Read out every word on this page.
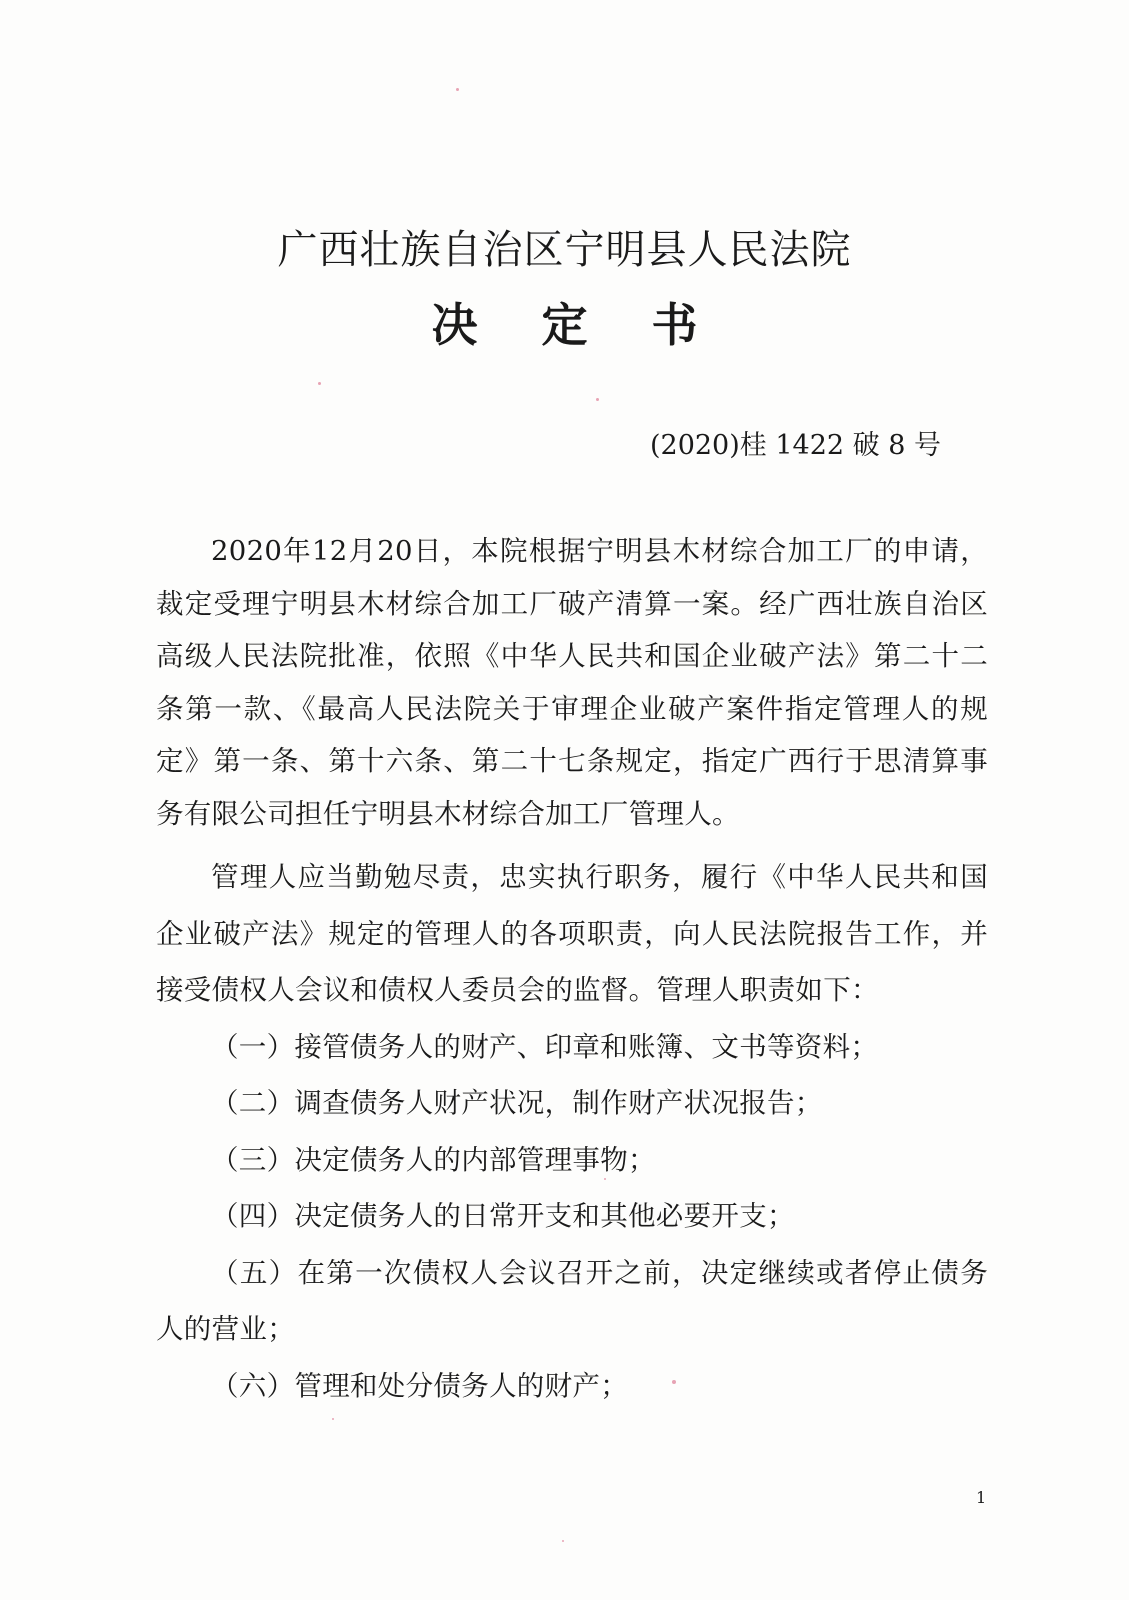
广西壮族自治区宁明县人民法院
决 定 书
(2020)桂 1422 破 8 号

2020年12月20日，本院根据宁明县木材综合加工厂的申请，裁定受理宁明县木材综合加工厂破产清算一案。经广西壮族自治区高级人民法院批准，依照《中华人民共和国企业破产法》第二十二条第一款、《最高人民法院关于审理企业破产案件指定管理人的规定》第一条、第十六条、第二十七条规定，指定广西行于思清算事务有限公司担任宁明县木材综合加工厂管理人。

管理人应当勤勉尽责，忠实执行职务，履行《中华人民共和国企业破产法》规定的管理人的各项职责，向人民法院报告工作，并接受债权人会议和债权人委员会的监督。管理人职责如下：

（一）接管债务人的财产、印章和账簿、文书等资料；

（二）调查债务人财产状况，制作财产状况报告；

（三）决定债务人的内部管理事物；

（四）决定债务人的日常开支和其他必要开支；

（五）在第一次债权人会议召开之前，决定继续或者停止债务人的营业；

（六）管理和处分债务人的财产；

1
